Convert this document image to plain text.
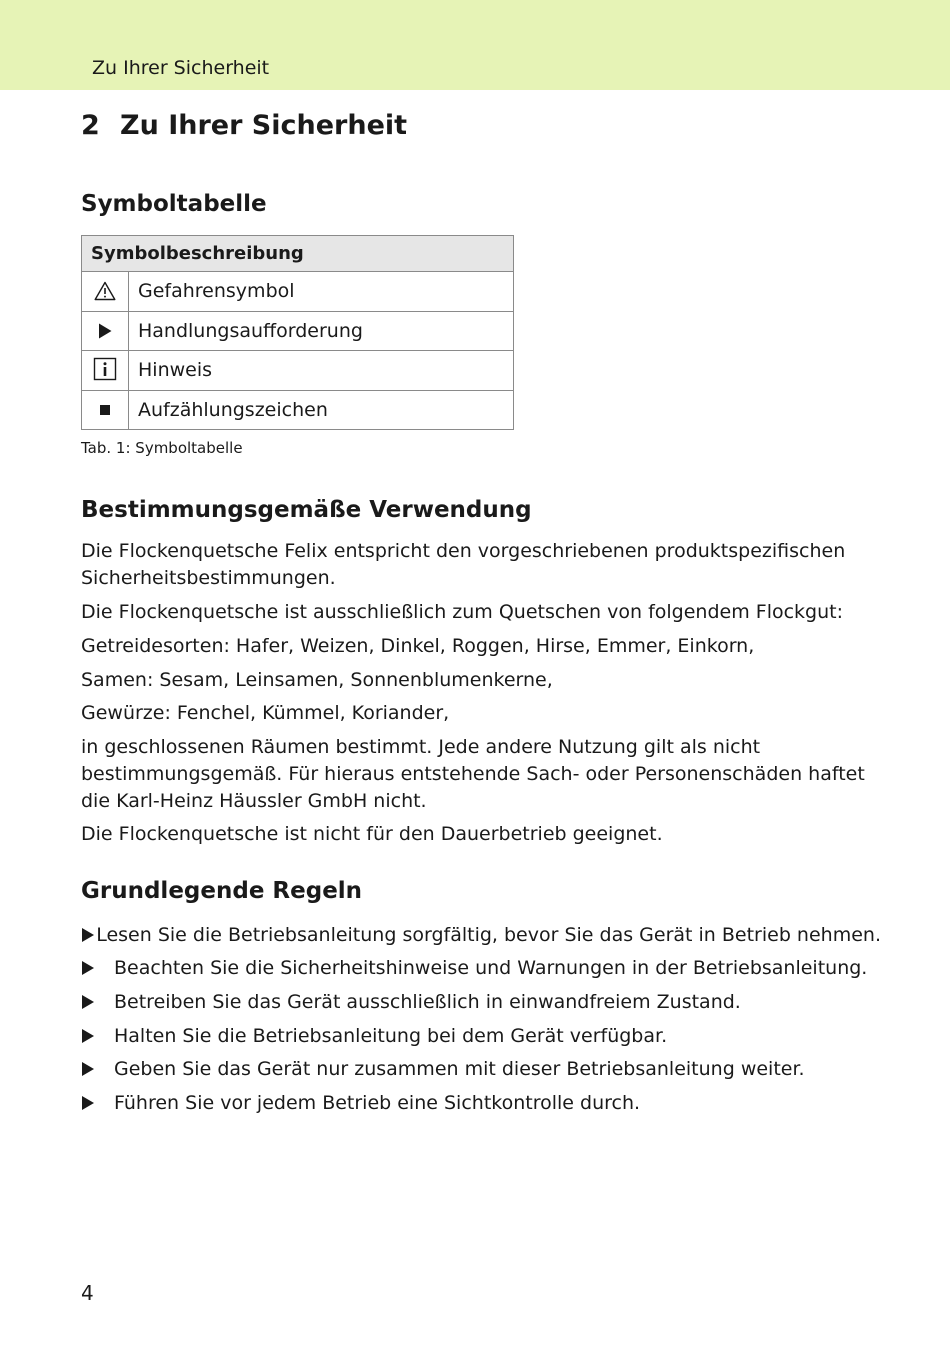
Zu Ihrer Sicherheit
2 Zu Ihrer Sicherheit
Symboltabelle
Symbolbeschreibung	

	Gefahrensymbol

	Handlungsaufforderung

	Hinweis

	Aufzählungszeichen
Tab. 1: Symboltabelle
Bestimmungsgemäße Verwendung

Die Flockenquetsche Felix entspricht den vorgeschriebenen produktspezifischen Sicherheitsbestimmungen.

Die Flockenquetsche ist ausschließlich zum Quetschen von folgendem Flockgut:

Getreidesorten: Hafer, Weizen, Dinkel, Roggen, Hirse, Emmer, Einkorn,

Samen: Sesam, Leinsamen, Sonnenblumenkerne,

Gewürze: Fenchel, Kümmel, Koriander,

in geschlossenen Räumen bestimmt. Jede andere Nutzung gilt als nicht bestimmungsgemäß. Für hieraus entstehende Sach- oder Personenschäden haftet die Karl-Heinz Häussler GmbH nicht.

Die Flockenquetsche ist nicht für den Dauerbetrieb geeignet.

Grundlegende Regeln
Lesen Sie die Betriebsanleitung sorgfältig, bevor Sie das Gerät in Betrieb nehmen.
Beachten Sie die Sicherheitshinweise und Warnungen in der Betriebsanleitung.
Betreiben Sie das Gerät ausschließlich in einwandfreiem Zustand.
Halten Sie die Betriebsanleitung bei dem Gerät verfügbar.
Geben Sie das Gerät nur zusammen mit dieser Betriebsanleitung weiter.
Führen Sie vor jedem Betrieb eine Sichtkontrolle durch.
4
